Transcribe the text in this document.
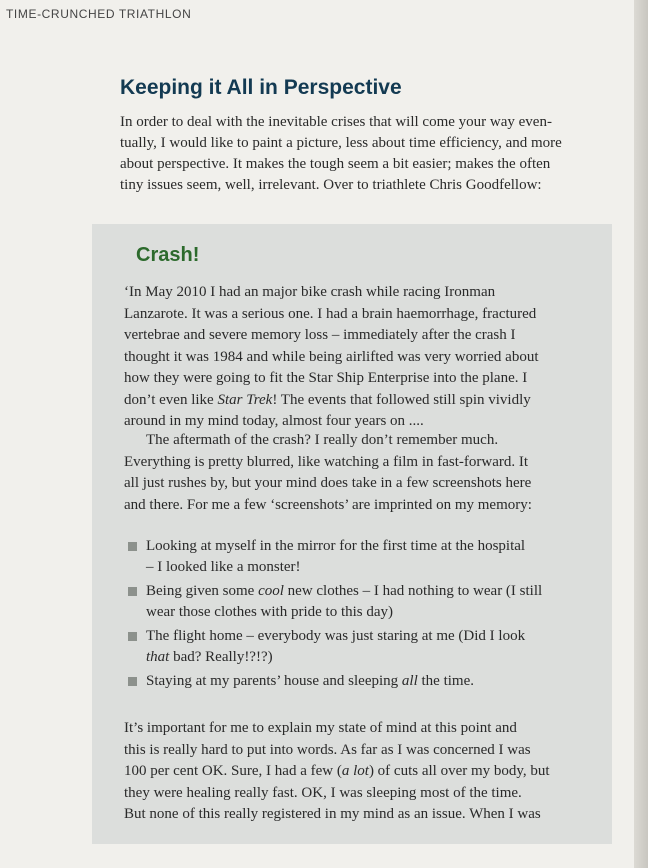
TIME-CRUNCHED TRIATHLON
Keeping it All in Perspective
In order to deal with the inevitable crises that will come your way even-
tually, I would like to paint a picture, less about time efficiency, and more
about perspective. It makes the tough seem a bit easier; makes the often
tiny issues seem, well, irrelevant. Over to triathlete Chris Goodfellow:
Crash!
‘In May 2010 I had an major bike crash while racing Ironman
Lanzarote. It was a serious one. I had a brain haemorrhage, fractured
vertebrae and severe memory loss – immediately after the crash I
thought it was 1984 and while being airlifted was very worried about
how they were going to fit the Star Ship Enterprise into the plane. I
don’t even like Star Trek! The events that followed still spin vividly
around in my mind today, almost four years on ....
The aftermath of the crash? I really don’t remember much.
Everything is pretty blurred, like watching a film in fast-forward. It
all just rushes by, but your mind does take in a few screenshots here
and there. For me a few ‘screenshots’ are imprinted on my memory:
Looking at myself in the mirror for the first time at the hospital
– I looked like a monster!
Being given some cool new clothes – I had nothing to wear (I still
wear those clothes with pride to this day)
The flight home – everybody was just staring at me (Did I look
that bad? Really!?!?)
Staying at my parents’ house and sleeping all the time.
It’s important for me to explain my state of mind at this point and
this is really hard to put into words. As far as I was concerned I was
100 per cent OK. Sure, I had a few (a lot) of cuts all over my body, but
they were healing really fast. OK, I was sleeping most of the time.
But none of this really registered in my mind as an issue. When I was
